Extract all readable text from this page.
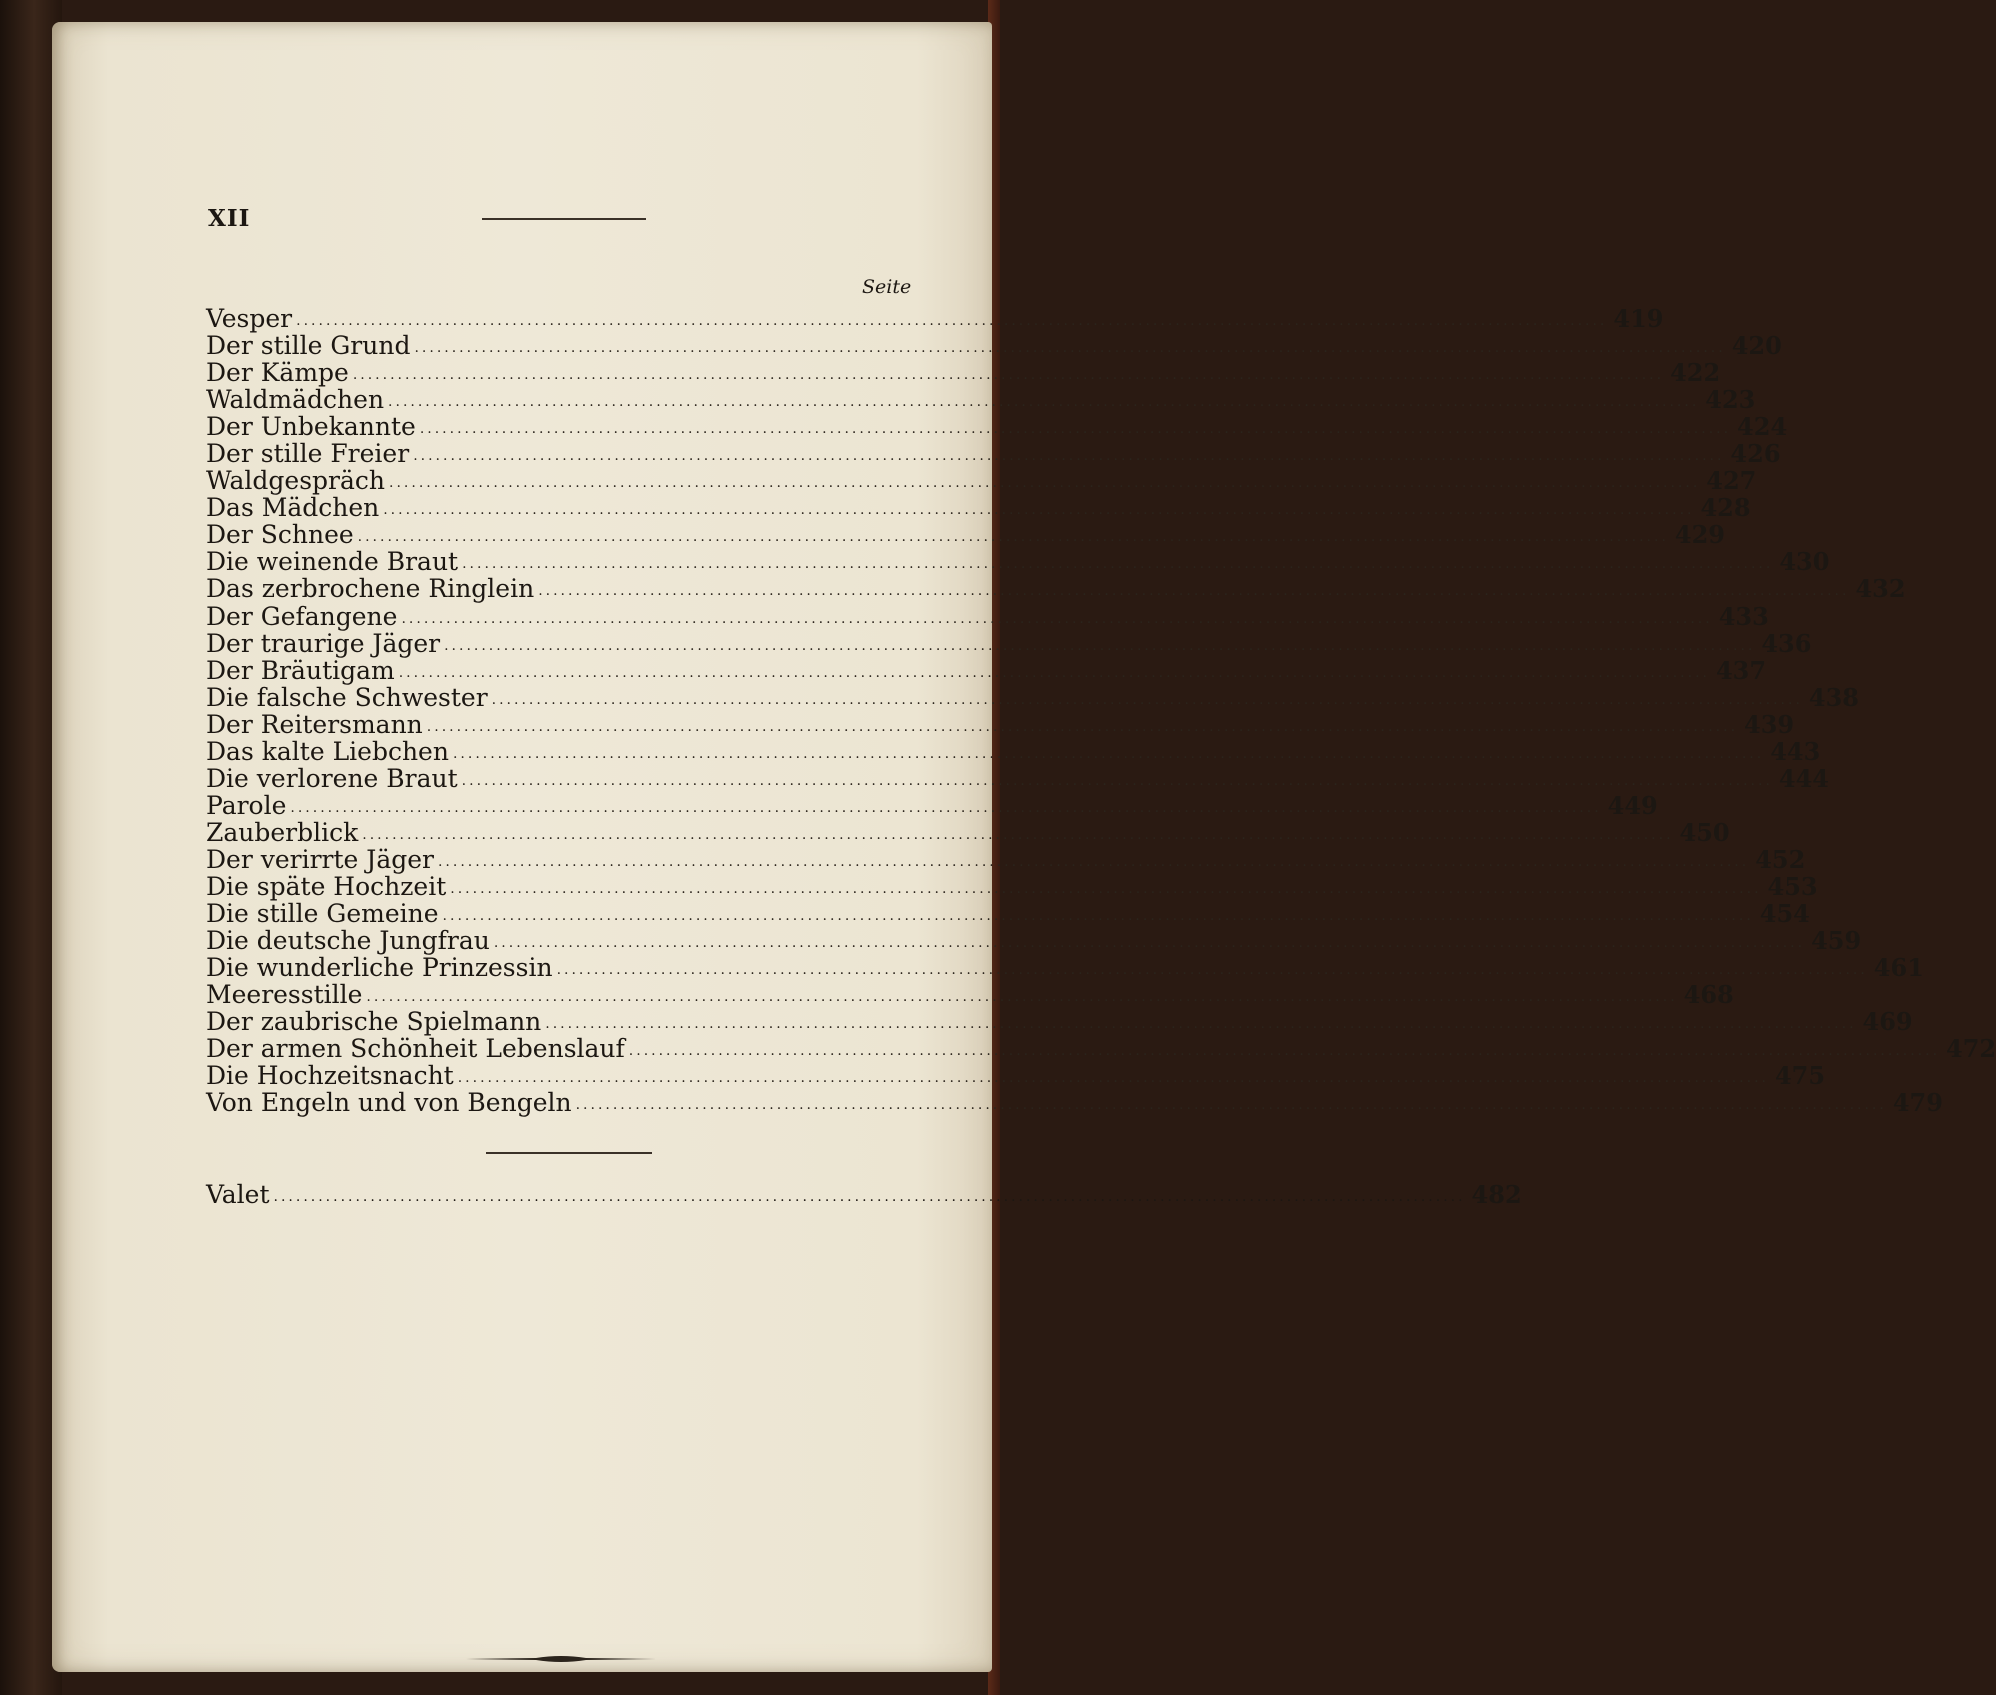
XII
Seite
Vesper .....	419
Der stille Grund .....	420
Der Kämpe .....	422
Waldmädchen .....	423
Der Unbekannte .....	424
Der stille Freier .....	426
Waldgespräch .....	427
Das Mädchen .....	428
Der Schnee .....	429
Die weinende Braut .....	430
Das zerbrochene Ringlein .....	432
Der Gefangene .....	433
Der traurige Jäger .....	436
Der Bräutigam .....	437
Die falsche Schwester .....	438
Der Reitersmann .....	439
Das kalte Liebchen .....	443
Die verlorene Braut .....	444
Parole .....	449
Zauberblick .....	450
Der verirrte Jäger .....	452
Die späte Hochzeit .....	453
Die stille Gemeine .....	454
Die deutsche Jungfrau .....	459
Die wunderliche Prinzessin .....	461
Meeresstille .....	468
Der zaubrische Spielmann .....	469
Der armen Schönheit Lebenslauf .....	472
Die Hochzeitsnacht .....	475
Von Engeln und von Bengeln .....	479
Valet ................................................................................................................................................................ 482
